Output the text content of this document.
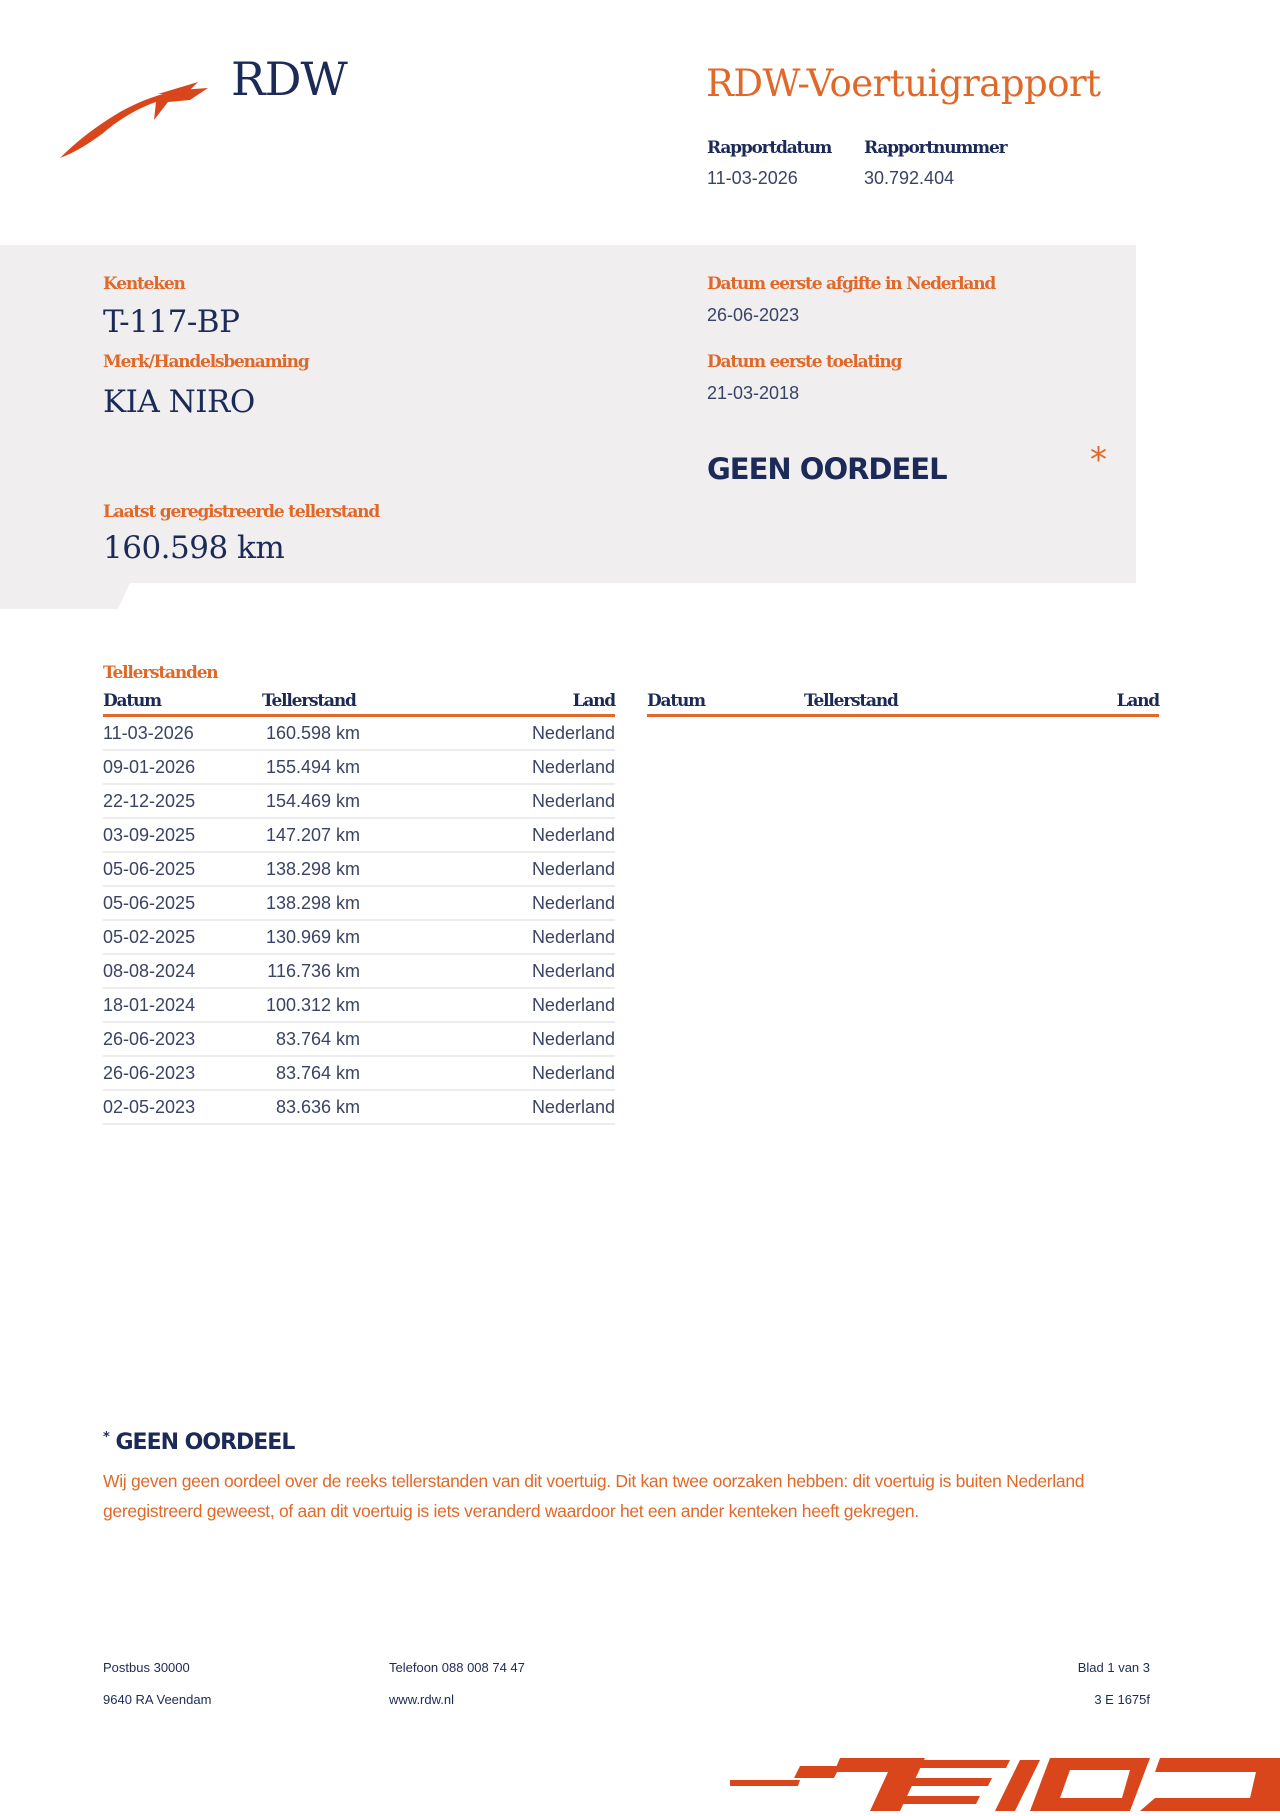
RDW	RDW-Voertuigrapport
Rapportdatum
11-03-2026
Rapportnummer
30.792.404
Kenteken
T-117-BP
Merk/Handelsbenaming
KIA NIRO
Laatst geregistreerde tellerstand
160.598 km
Datum eerste afgifte in Nederland
26-06-2023
Datum eerste toelating
21-03-2018
GEEN OORDEEL	*
Tellerstanden
Datum	Tellerstand	Land
11-03-2026	160.598 km	Nederland
09-01-2026	155.494 km	Nederland
22-12-2025	154.469 km	Nederland
03-09-2025	147.207 km	Nederland
05-06-2025	138.298 km	Nederland
05-06-2025	138.298 km	Nederland
05-02-2025	130.969 km	Nederland
08-08-2024	116.736 km	Nederland
18-01-2024	100.312 km	Nederland
26-06-2023	83.764 km	Nederland
26-06-2023	83.764 km	Nederland
02-05-2023	83.636 km	Nederland
Datum	Tellerstand	Land
* GEEN OORDEEL
Wij geven geen oordeel over de reeks tellerstanden van dit voertuig. Dit kan twee oorzaken hebben: dit voertuig is buiten Nederland geregistreerd geweest, of aan dit voertuig is iets veranderd waardoor het een ander kenteken heeft gekregen.
Postbus 30000
9640 RA Veendam
Telefoon 088 008 74 47
www.rdw.nl
Blad 1 van 3
3 E 1675f
